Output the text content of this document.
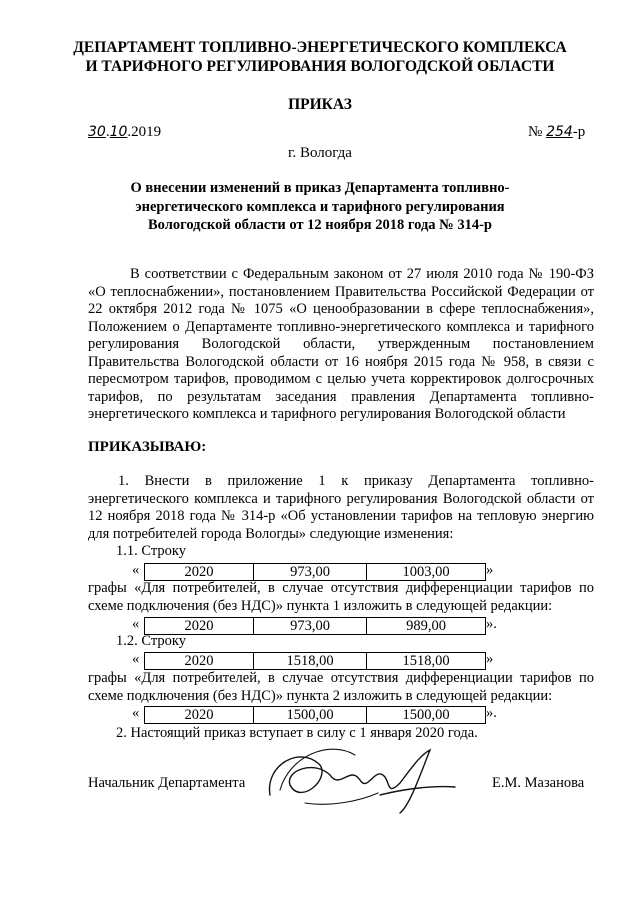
ДЕПАРТАМЕНТ ТОПЛИВНО-ЭНЕРГЕТИЧЕСКОГО КОМПЛЕКСА
И ТАРИФНОГО РЕГУЛИРОВАНИЯ ВОЛОГОДСКОЙ ОБЛАСТИ
ПРИКАЗ
30.10.2019	№ 254-р
г. Вологда
О внесении изменений в приказ Департамента топливно-энергетического комплекса и тарифного регулирования Вологодской области от 12 ноября 2018 года № 314-р
В соответствии с Федеральным законом от 27 июля 2010 года № 190-ФЗ «О теплоснабжении», постановлением Правительства Российской Федерации от 22 октября 2012 года № 1075 «О ценообразовании в сфере теплоснабжения», Положением о Департаменте топливно-энергетического комплекса и тарифного регулирования Вологодской области, утвержденным постановлением Правительства Вологодской области от 16 ноября 2015 года № 958, в связи с пересмотром тарифов, проводимом с целью учета корректировок долгосрочных тарифов, по результатам заседания правления Департамента топливно-энергетического комплекса и тарифного регулирования Вологодской области
ПРИКАЗЫВАЮ:
1. Внести в приложение 1 к приказу Департамента топливно-энергетического комплекса и тарифного регулирования Вологодской области от 12 ноября 2018 года № 314-р «Об установлении тарифов на тепловую энергию для потребителей города Вологды» следующие изменения:
1.1. Строку
«	2020	973,00	1003,00	»
графы «Для потребителей, в случае отсутствия дифференциации тарифов по схеме подключения (без НДС)» пункта 1 изложить в следующей редакции:
«	2020	973,00	989,00	».
1.2. Строку
«	2020	1518,00	1518,00	»
графы «Для потребителей, в случае отсутствия дифференциации тарифов по схеме подключения (без НДС)» пункта 2 изложить в следующей редакции:
«	2020	1500,00	1500,00	».
2. Настоящий приказ вступает в силу с 1 января 2020 года.
Начальник Департамента	Е.М. Мазанова
